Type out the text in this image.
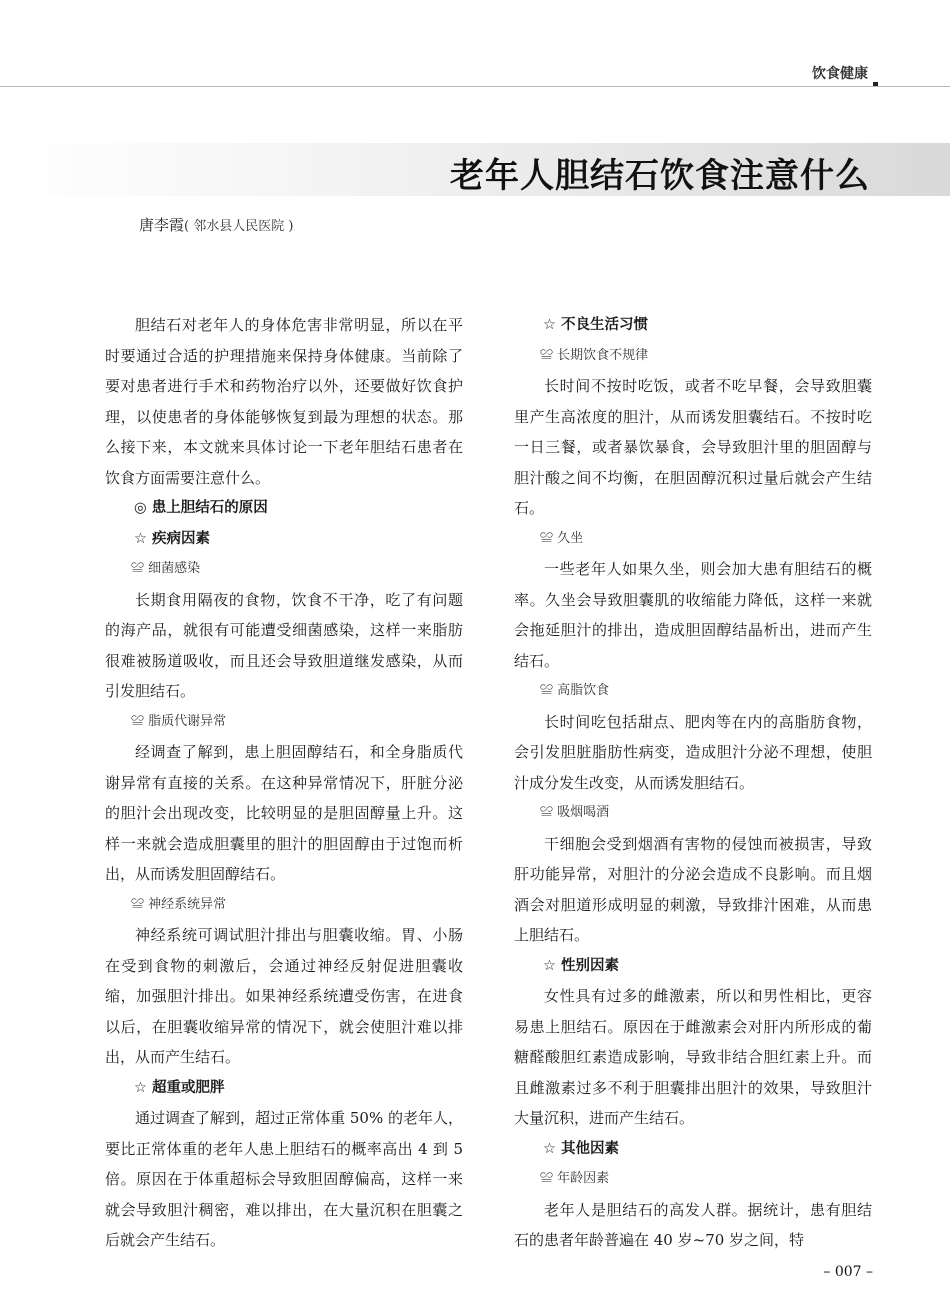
饮食健康
老年人胆结石饮食注意什么
唐李霞( 邻水县人民医院 )

胆结石对老年人的身体危害非常明显，所以在平时要通过合适的护理措施来保持身体健康。当前除了要对患者进行手术和药物治疗以外，还要做好饮食护理，以使患者的身体能够恢复到最为理想的状态。那么接下来，本文就来具体讨论一下老年胆结石患者在饮食方面需要注意什么。

◎ 患上胆结石的原因
☆ 疾病因素
≌ 细菌感染

长期食用隔夜的食物，饮食不干净，吃了有问题的海产品，就很有可能遭受细菌感染，这样一来脂肪很难被肠道吸收，而且还会导致胆道继发感染，从而引发胆结石。

≌ 脂质代谢异常

经调查了解到，患上胆固醇结石，和全身脂质代谢异常有直接的关系。在这种异常情况下，肝脏分泌的胆汁会出现改变，比较明显的是胆固醇量上升。这样一来就会造成胆囊里的胆汁的胆固醇由于过饱而析出，从而诱发胆固醇结石。

≌ 神经系统异常

神经系统可调试胆汁排出与胆囊收缩。胃、小肠在受到食物的刺激后，会通过神经反射促进胆囊收缩，加强胆汁排出。如果神经系统遭受伤害，在进食以后，在胆囊收缩异常的情况下，就会使胆汁难以排出，从而产生结石。

☆ 超重或肥胖

通过调查了解到，超过正常体重 50% 的老年人，要比正常体重的老年人患上胆结石的概率高出 4 到 5 倍。原因在于体重超标会导致胆固醇偏高，这样一来就会导致胆汁稠密，难以排出，在大量沉积在胆囊之后就会产生结石。

☆ 不良生活习惯
≌ 长期饮食不规律

长时间不按时吃饭，或者不吃早餐，会导致胆囊里产生高浓度的胆汁，从而诱发胆囊结石。不按时吃一日三餐，或者暴饮暴食，会导致胆汁里的胆固醇与胆汁酸之间不均衡，在胆固醇沉积过量后就会产生结石。

≌ 久坐

一些老年人如果久坐，则会加大患有胆结石的概率。久坐会导致胆囊肌的收缩能力降低，这样一来就会拖延胆汁的排出，造成胆固醇结晶析出，进而产生结石。

≌ 高脂饮食

长时间吃包括甜点、肥肉等在内的高脂肪食物，会引发胆脏脂肪性病变，造成胆汁分泌不理想，使胆汁成分发生改变，从而诱发胆结石。

≌ 吸烟喝酒

干细胞会受到烟酒有害物的侵蚀而被损害，导致肝功能异常，对胆汁的分泌会造成不良影响。而且烟酒会对胆道形成明显的刺激，导致排汁困难，从而患上胆结石。

☆ 性别因素

女性具有过多的雌激素，所以和男性相比，更容易患上胆结石。原因在于雌激素会对肝内所形成的葡糖醛酸胆红素造成影响，导致非结合胆红素上升。而且雌激素过多不利于胆囊排出胆汁的效果，导致胆汁大量沉积，进而产生结石。

☆ 其他因素
≌ 年龄因素

老年人是胆结石的高发人群。据统计，患有胆结石的患者年龄普遍在 40 岁~70 岁之间，特

– 007 –
